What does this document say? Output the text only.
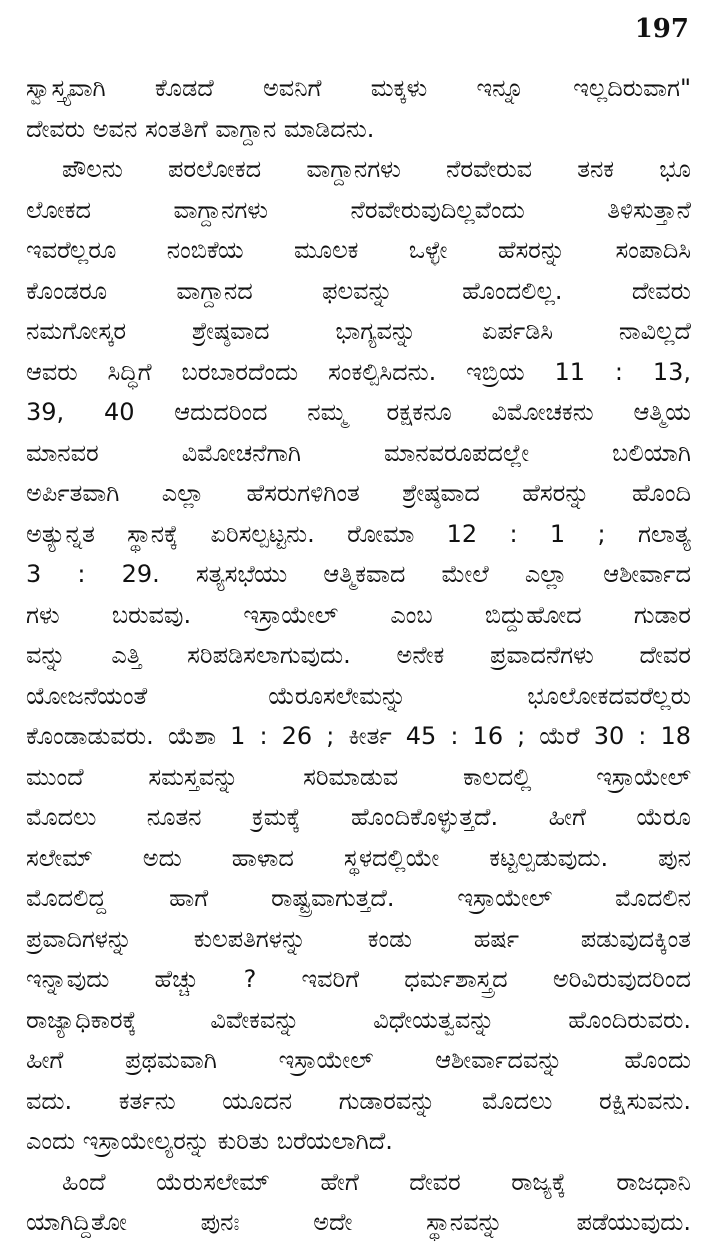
197

ಸ್ವಾಸ್ತ್ಯವಾಗಿ ಕೊಡದೆ ಅವನಿಗೆ ಮಕ್ಕಳು ಇನ್ನೂ ಇಲ್ಲದಿರುವಾಗ"

ದೇವರು ಅವನ ಸಂತತಿಗೆ ವಾಗ್ದಾನ ಮಾಡಿದನು.

ಪೌಲನು ಪರಲೋಕದ ವಾಗ್ದಾನಗಳು ನೆರವೇರುವ ತನಕ ಭೂ

ಲೋಕದ ವಾಗ್ದಾನಗಳು ನೆರವೇರುವುದಿಲ್ಲವೆಂದು ತಿಳಿಸುತ್ತಾನೆ

ಇವರೆಲ್ಲರೂ ನಂಬಿಕೆಯ ಮೂಲಕ ಒಳ್ಳೇ ಹೆಸರನ್ನು ಸಂಪಾದಿಸಿ

ಕೊಂಡರೂ ವಾಗ್ದಾನದ ಫಲವನ್ನು ಹೊಂದಲಿಲ್ಲ. ದೇವರು

ನಮಗೋಸ್ಕರ ಶ್ರೇಷ್ಠವಾದ ಭಾಗ್ಯವನ್ನು ಏರ್ಪಡಿಸಿ ನಾವಿಲ್ಲದೆ

ಆವರು ಸಿದ್ಧಿಗೆ ಬರಬಾರದೆಂದು ಸಂಕಲ್ಪಿಸಿದನು. ಇಬ್ರಿಯ 11 : 13,

39, 40 ಆದುದರಿಂದ ನಮ್ಮ ರಕ್ಷಕನೂ ವಿಮೋಚಕನು ಆತ್ಮಿಯ

ಮಾನವರ ವಿಮೋಚನೆಗಾಗಿ ಮಾನವರೂಪದಲ್ಲೇ ಬಲಿಯಾಗಿ

ಅರ್ಪಿತವಾಗಿ ಎಲ್ಲಾ ಹೆಸರುಗಳಿಗಿಂತ ಶ್ರೇಷ್ಠವಾದ ಹೆಸರನ್ನು ಹೊಂದಿ

ಅತ್ಯುನ್ನತ ಸ್ಥಾನಕ್ಕೆ ಏರಿಸಲ್ಪಟ್ಟನು. ರೋಮಾ 12 : 1 ; ಗಲಾತ್ಯ

3 : 29. ಸತ್ಯಸಭೆಯು ಆತ್ಮಿಕವಾದ ಮೇಲೆ ಎಲ್ಲಾ ಆಶೀರ್ವಾದ

ಗಳು ಬರುವವು. ಇಸ್ರಾಯೇಲ್ ಎಂಬ ಬಿದ್ದುಹೋದ ಗುಡಾರ

ವನ್ನು ಎತ್ತಿ ಸರಿಪಡಿಸಲಾಗುವುದು. ಅನೇಕ ಪ್ರವಾದನೆಗಳು ದೇವರ

ಯೋಜನೆಯಂತೆ ಯೆರೂಸಲೇಮನ್ನು ಭೂಲೋಕದವರೆಲ್ಲರು

ಕೊಂಡಾಡುವರು. ಯೆಶಾ 1 : 26 ; ಕೀರ್ತ 45 : 16 ; ಯೆರೆ 30 : 18

ಮುಂದೆ ಸಮಸ್ತವನ್ನು ಸರಿಮಾಡುವ ಕಾಲದಲ್ಲಿ ಇಸ್ರಾಯೇಲ್

ಮೊದಲು ನೂತನ ಕ್ರಮಕ್ಕೆ ಹೊಂದಿಕೊಳ್ಳುತ್ತದೆ. ಹೀಗೆ ಯೆರೂ

ಸಲೇಮ್ ಅದು ಹಾಳಾದ ಸ್ಥಳದಲ್ಲಿಯೇ ಕಟ್ಟಲ್ಪಡುವುದು. ಪುನ

ಮೊದಲಿದ್ದ ಹಾಗೆ ರಾಷ್ಟ್ರವಾಗುತ್ತದೆ. ಇಸ್ರಾಯೇಲ್ ಮೊದಲಿನ

ಪ್ರವಾದಿಗಳನ್ನು ಕುಲಪತಿಗಳನ್ನು ಕಂಡು ಹರ್ಷ ಪಡುವುದಕ್ಕಿಂತ

ಇನ್ನಾವುದು ಹೆಚ್ಚು ? ಇವರಿಗೆ ಧರ್ಮಶಾಸ್ತ್ರದ ಅರಿವಿರುವುದರಿಂದ

ರಾಜ್ಯಾಧಿಕಾರಕ್ಕೆ ವಿವೇಕವನ್ನು ವಿಧೇಯತ್ವವನ್ನು ಹೊಂದಿರುವರು.

ಹೀಗೆ ಪ್ರಥಮವಾಗಿ ಇಸ್ರಾಯೇಲ್ ಆಶೀರ್ವಾದವನ್ನು ಹೊಂದು

ವದು. ಕರ್ತನು ಯೂದನ ಗುಡಾರವನ್ನು ಮೊದಲು ರಕ್ಷಿಸುವನು.

ಎಂದು ಇಸ್ರಾಯೇಲ್ಯರನ್ನು ಕುರಿತು ಬರೆಯಲಾಗಿದೆ.

ಹಿಂದೆ ಯೆರುಸಲೇಮ್ ಹೇಗೆ ದೇವರ ರಾಜ್ಯಕ್ಕೆ ರಾಜಧಾನಿ

ಯಾಗಿದ್ದಿತೋ ಪುನಃ ಅದೇ ಸ್ಥಾನವನ್ನು ಪಡೆಯುವುದು.
